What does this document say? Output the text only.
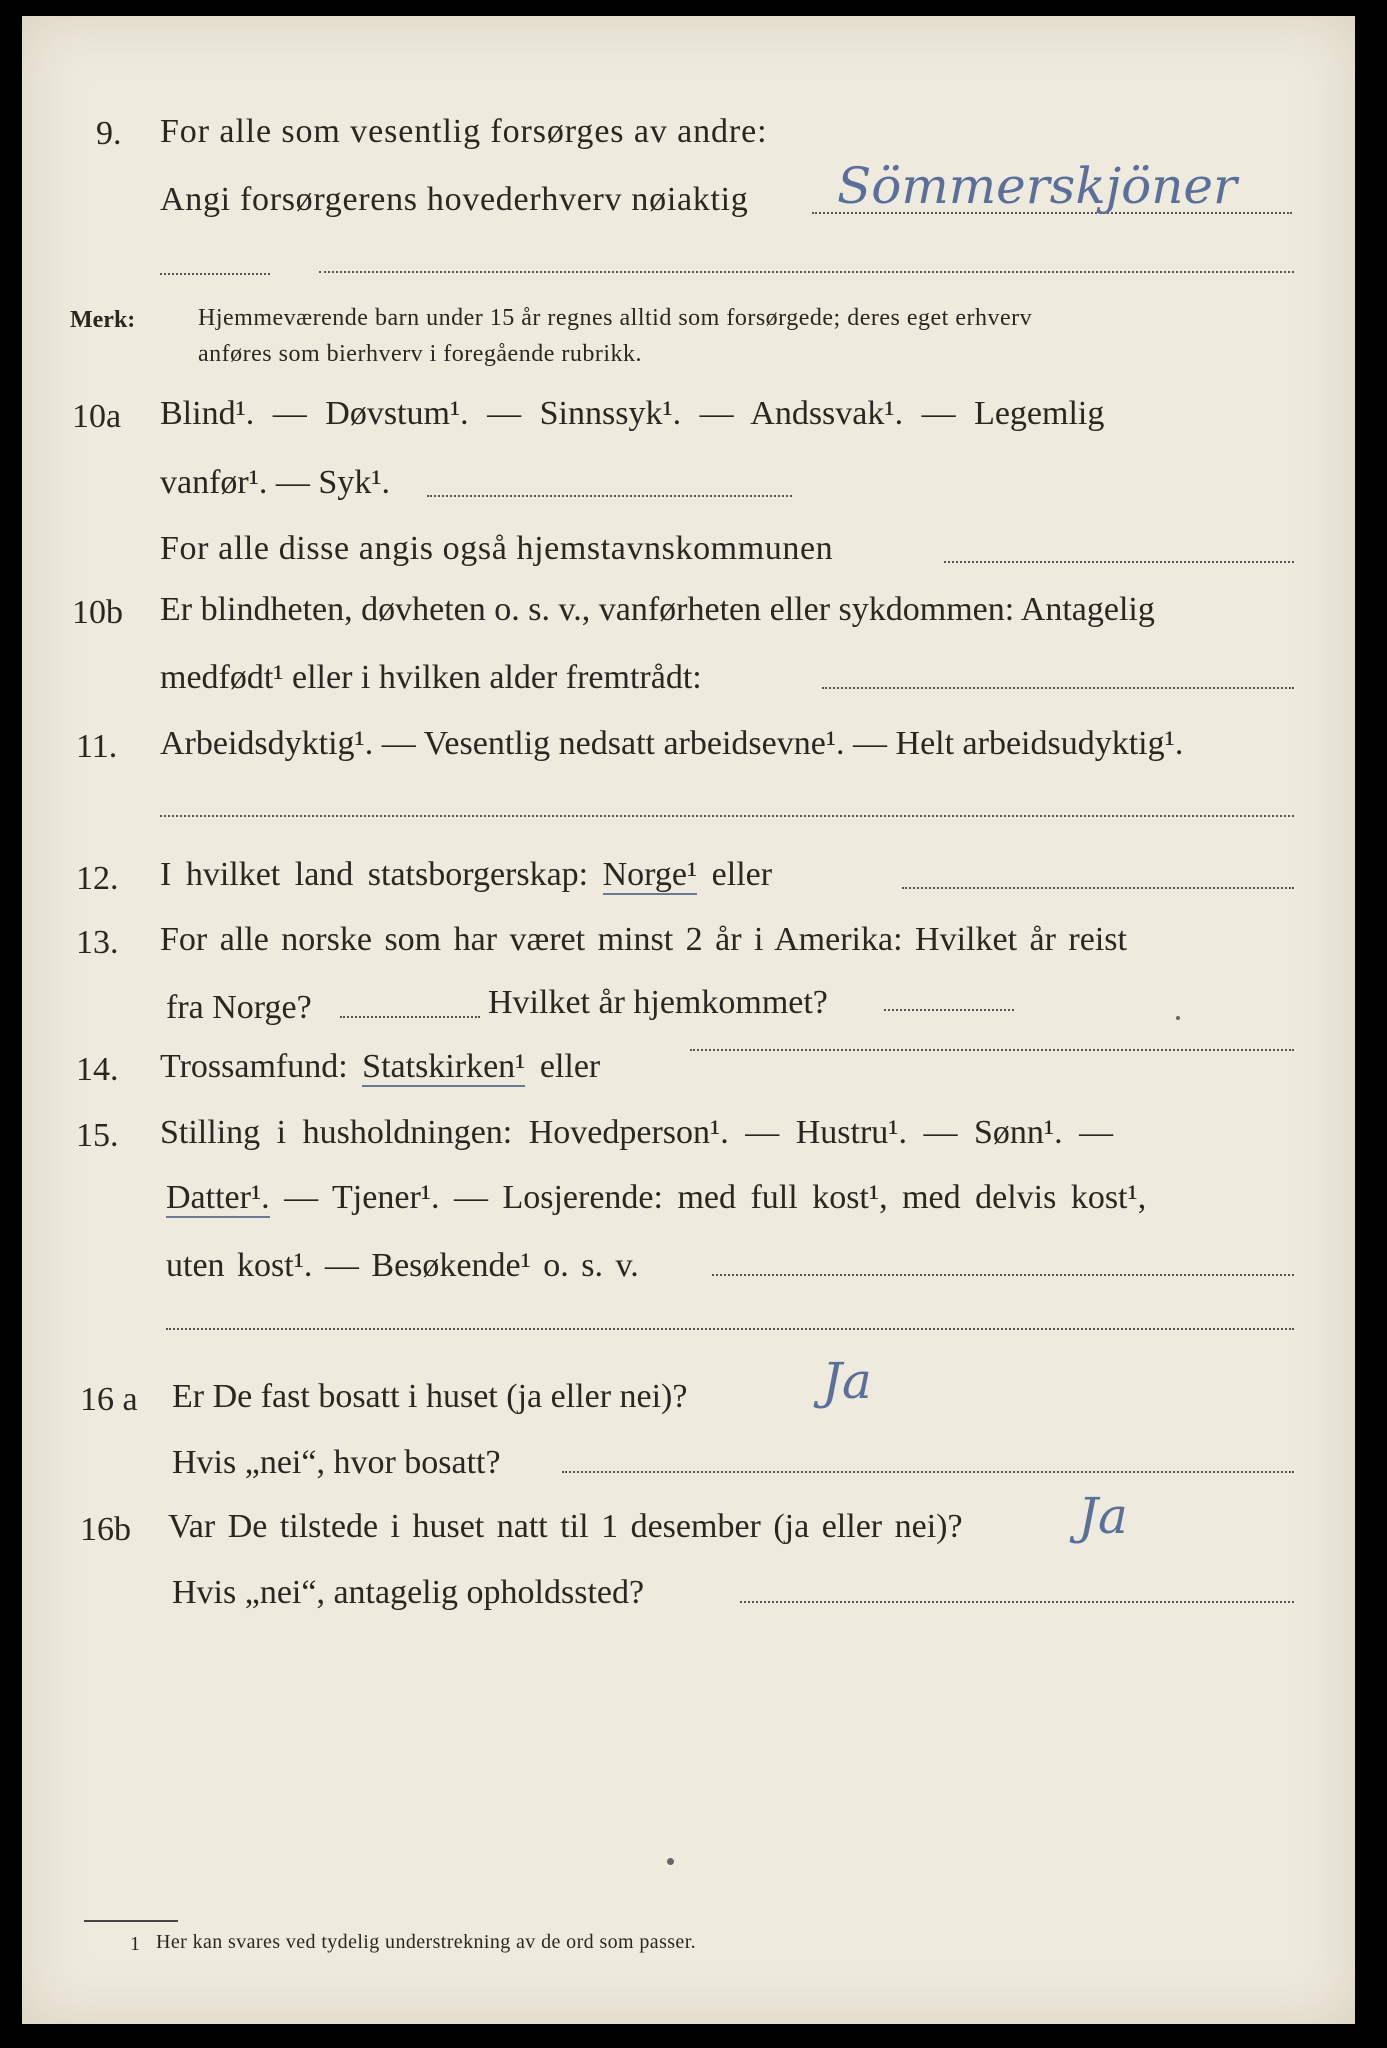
9. For alle som vesentlig forsørges av andre:
Angi forsørgerens hovederhverv nøiaktig Sömmerskjöner
Merk:	Hjemmeværende barn under 15 år regnes alltid som forsørgede; deres eget erhverv
anføres som bierhverv i foregående rubrikk.
10a Blind¹. — Døvstum¹. — Sinnssyk¹. — Andssvak¹. — Legemlig
vanfør¹. — Syk¹.
For alle disse angis også hjemstavnskommunen
10b Er blindheten, døvheten o. s. v., vanførheten eller sykdommen: Antagelig
medfødt¹ eller i hvilken alder fremtrådt:
11. Arbeidsdyktig¹. — Vesentlig nedsatt arbeidsevne¹. — Helt arbeidsudyktig¹.
12. I hvilket land statsborgerskap: Norge¹ eller
13. For alle norske som har været minst 2 år i Amerika: Hvilket år reist
fra Norge?	Hvilket år hjemkommet?
14. Trossamfund: Statskirken¹ eller
15. Stilling i husholdningen: Hovedperson¹. — Hustru¹. — Sønn¹. —
Datter¹. — Tjener¹. — Losjerende: med full kost¹, med delvis kost¹,
uten kost¹. — Besøkende¹ o. s. v.
16 a Er De fast bosatt i huset (ja eller nei)?	Ja
Hvis „nei“, hvor bosatt?
16b Var De tilstede i huset natt til 1 desember (ja eller nei)? Ja
Hvis „nei“, antagelig opholdssted?
1 Her kan svares ved tydelig understrekning av de ord som passer.
